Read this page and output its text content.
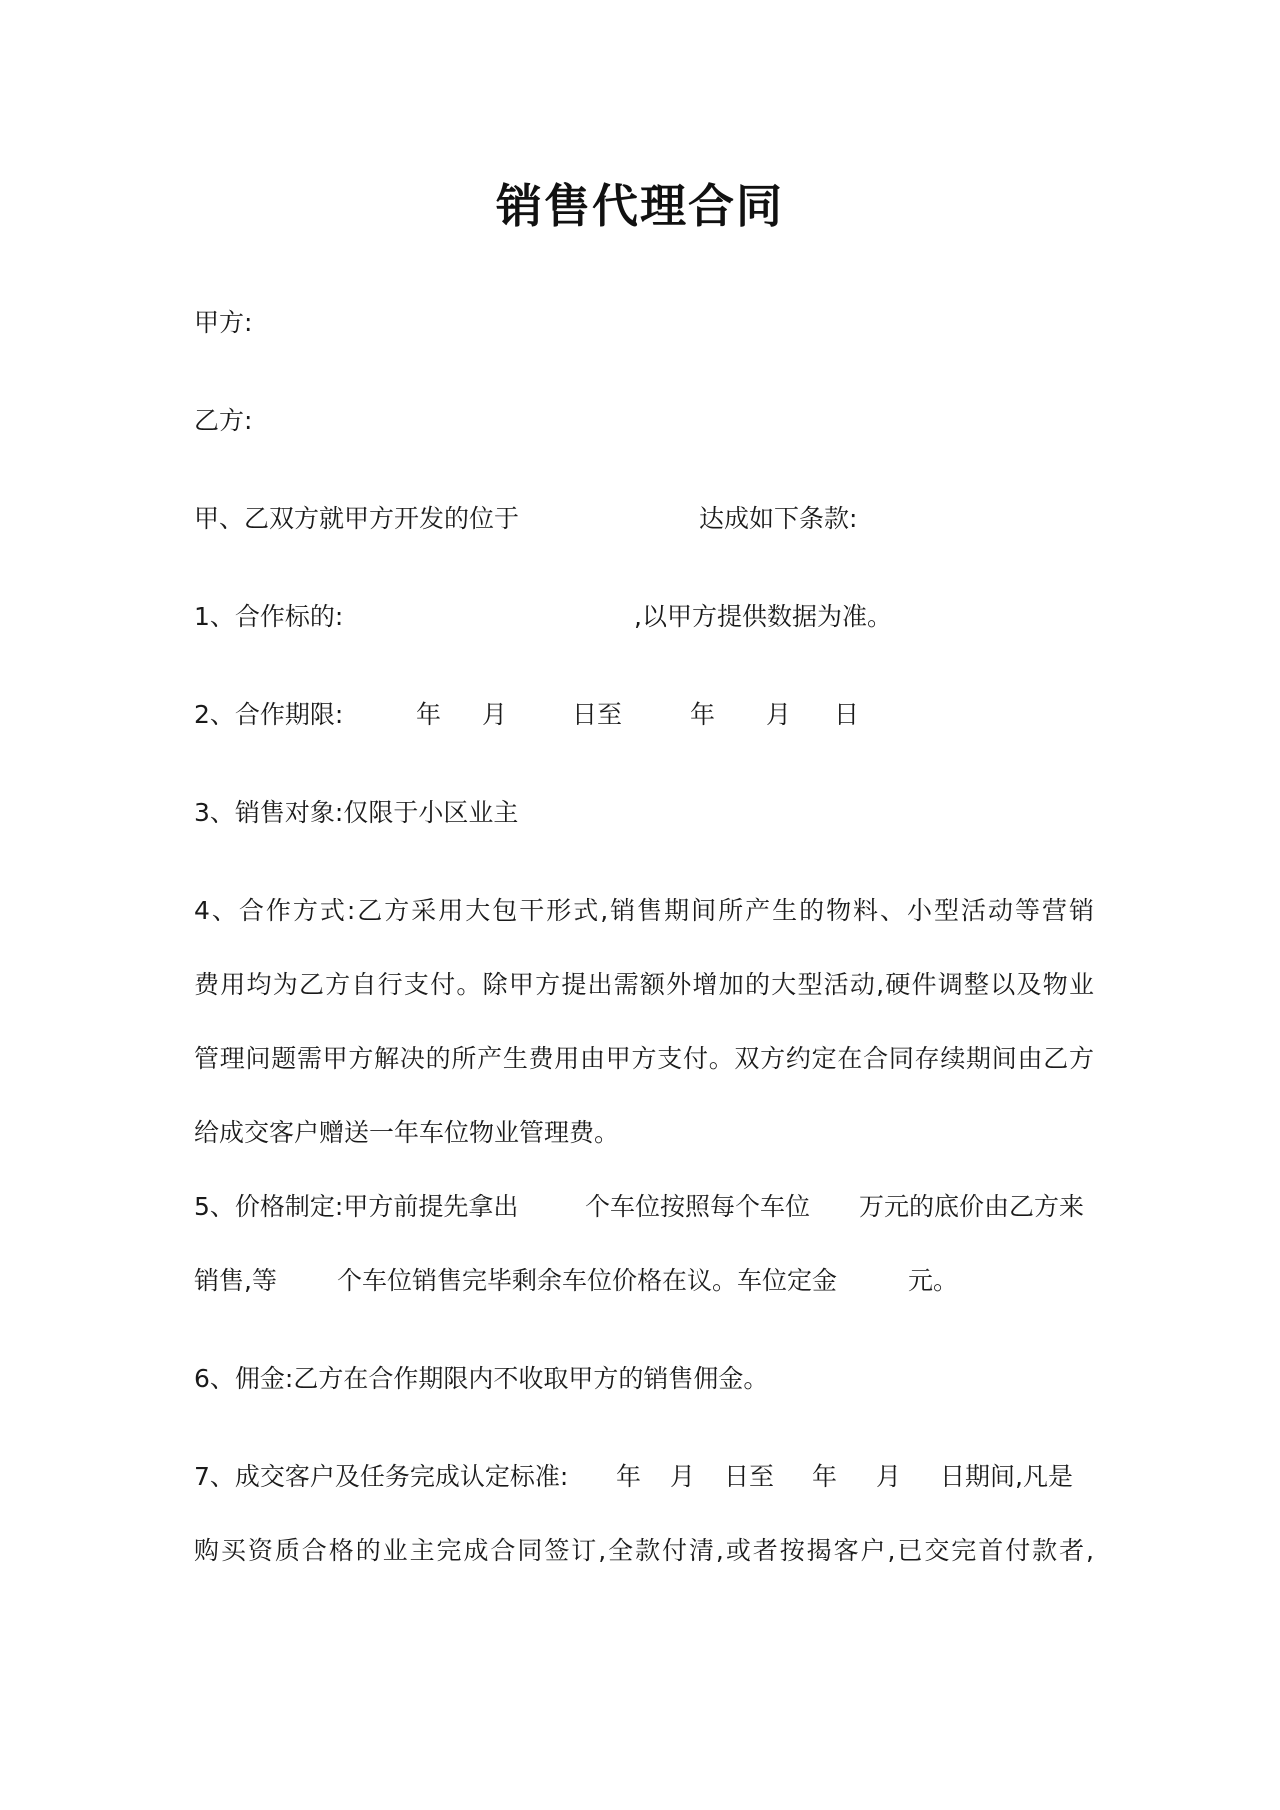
销售代理合同
甲方:
乙方:
甲、乙双方就甲方开发的位于	达成如下条款:
1、合作标的:	,以甲方提供数据为准。
2、合作期限:	年 月	日至	年 月 日
3、销售对象:仅限于小区业主
4、合作方式:乙方采用大包干形式,销售期间所产生的物料、小型活动等营销
费用均为乙方自行支付。除甲方提出需额外增加的大型活动,硬件调整以及物业
管理问题需甲方解决的所产生费用由甲方支付。双方约定在合同存续期间由乙方
给成交客户赠送一年车位物业管理费。
5、价格制定:甲方前提先拿出	个车位按照每个车位 万元的底价由乙方来
销售,等 个车位销售完毕剩余车位价格在议。车位定金	元。
6、佣金:乙方在合作期限内不收取甲方的销售佣金。
7、成交客户及任务完成认定标准: 年 月 日至 年 月 日期间,凡是
购买资质合格的业主完成合同签订,全款付清,或者按揭客户,已交完首付款者,
